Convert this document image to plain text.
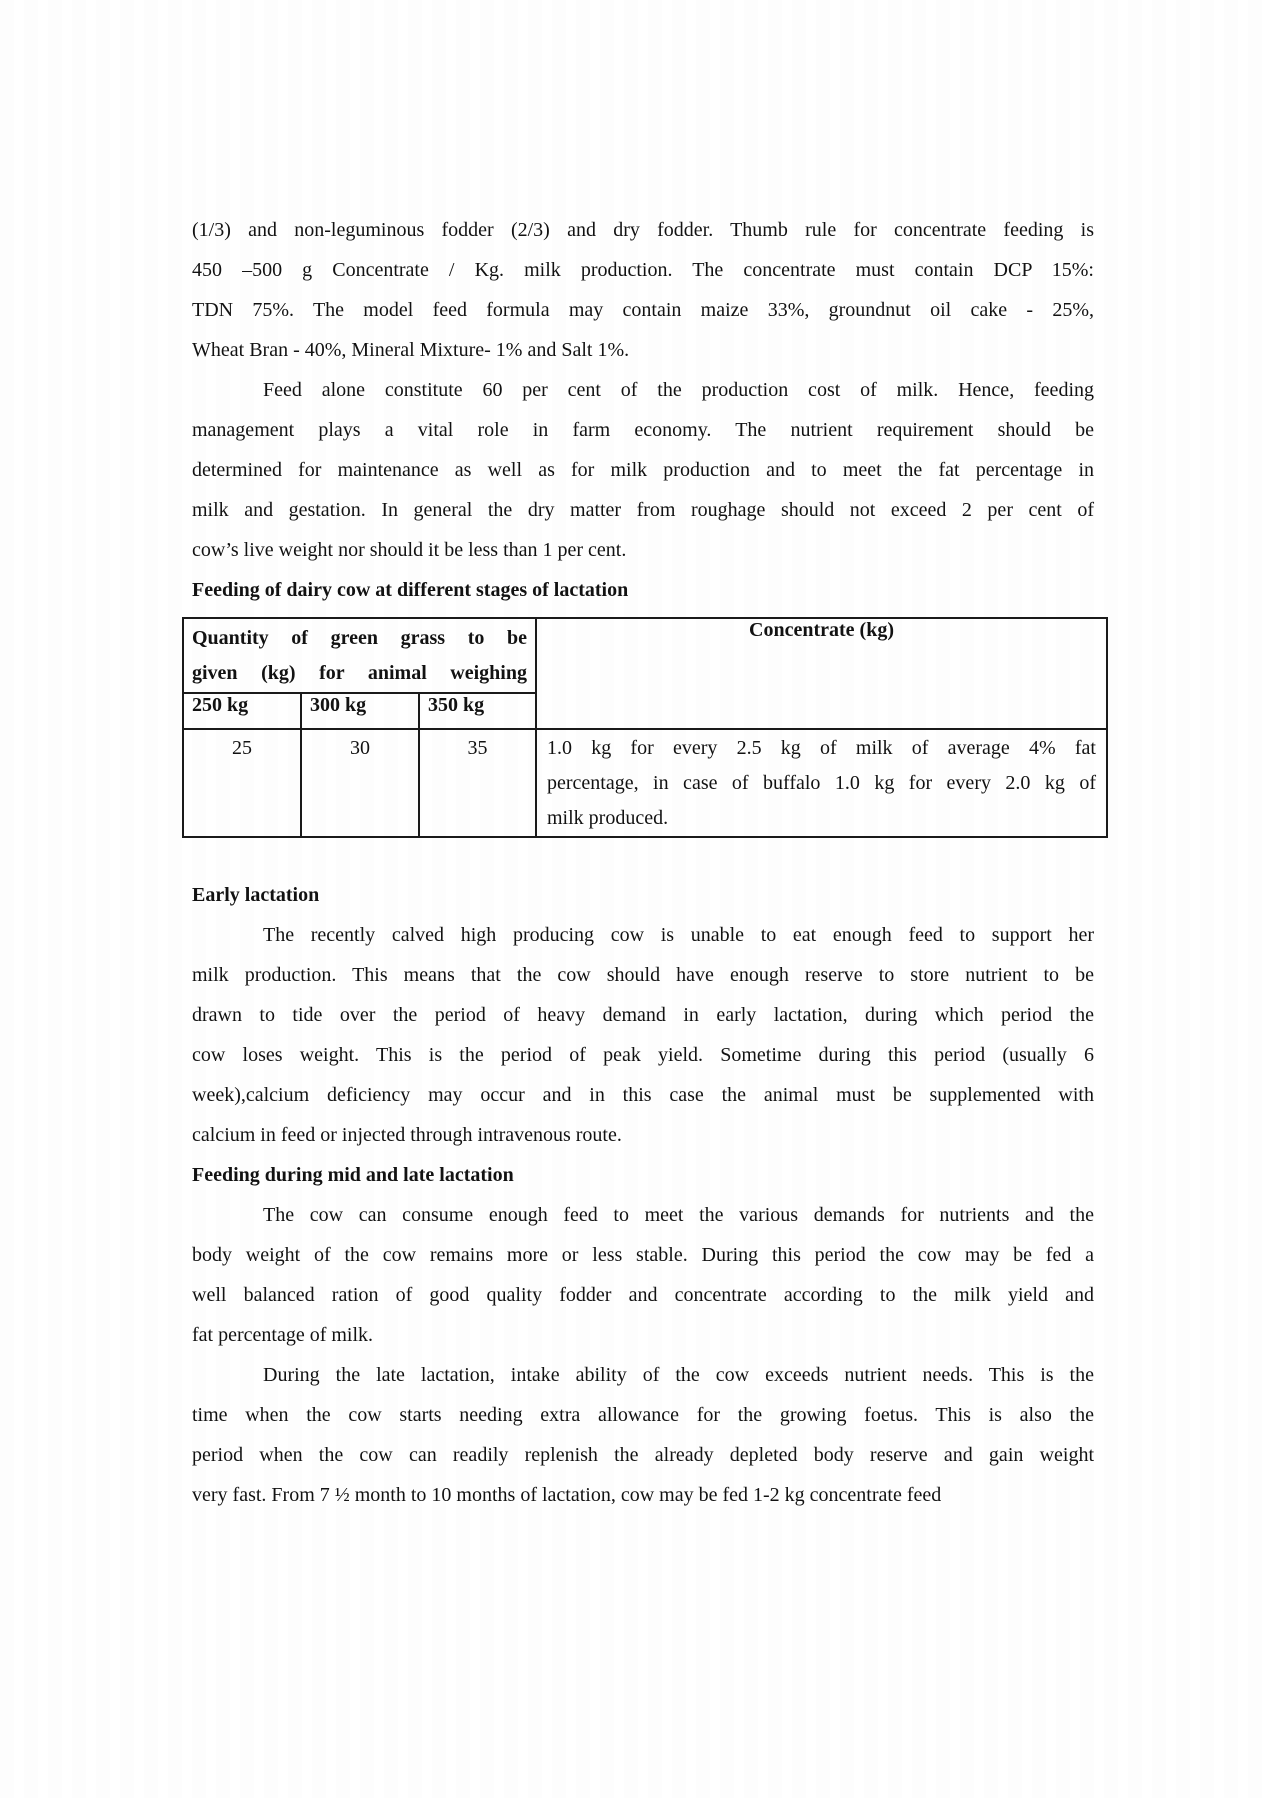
(1/3) and non-leguminous fodder (2/3) and dry fodder. Thumb rule for concentrate feeding is
450 –500 g Concentrate / Kg. milk production. The concentrate must contain DCP 15%:
TDN 75%. The model feed formula may contain maize 33%, groundnut oil cake - 25%,
Wheat Bran - 40%, Mineral Mixture- 1% and Salt 1%.
Feed alone constitute 60 per cent of the production cost of milk. Hence, feeding
management plays a vital role in farm economy. The nutrient requirement should be
determined for maintenance as well as for milk production and to meet the fat percentage in
milk and gestation. In general the dry matter from roughage should not exceed 2 per cent of
cow’s live weight nor should it be less than 1 per cent.
Feeding of dairy cow at different stages of lactation
Quantity of green grass to be
given (kg) for animal weighing			Concentrate (kg)
250 kg	300 kg	350 kg	
25	30	35	1.0 kg for every 2.5 kg of milk of average 4% fat
percentage, in case of buffalo 1.0 kg for every 2.0 kg of
milk produced.
Early lactation
The recently calved high producing cow is unable to eat enough feed to support her
milk production. This means that the cow should have enough reserve to store nutrient to be
drawn to tide over the period of heavy demand in early lactation, during which period the
cow loses weight. This is the period of peak yield. Sometime during this period (usually 6
week),calcium deficiency may occur and in this case the animal must be supplemented with
calcium in feed or injected through intravenous route.
Feeding during mid and late lactation
The cow can consume enough feed to meet the various demands for nutrients and the
body weight of the cow remains more or less stable. During this period the cow may be fed a
well balanced ration of good quality fodder and concentrate according to the milk yield and
fat percentage of milk.
During the late lactation, intake ability of the cow exceeds nutrient needs. This is the
time when the cow starts needing extra allowance for the growing foetus. This is also the
period when the cow can readily replenish the already depleted body reserve and gain weight
very fast. From 7 ½ month to 10 months of lactation, cow may be fed 1-2 kg concentrate feed
